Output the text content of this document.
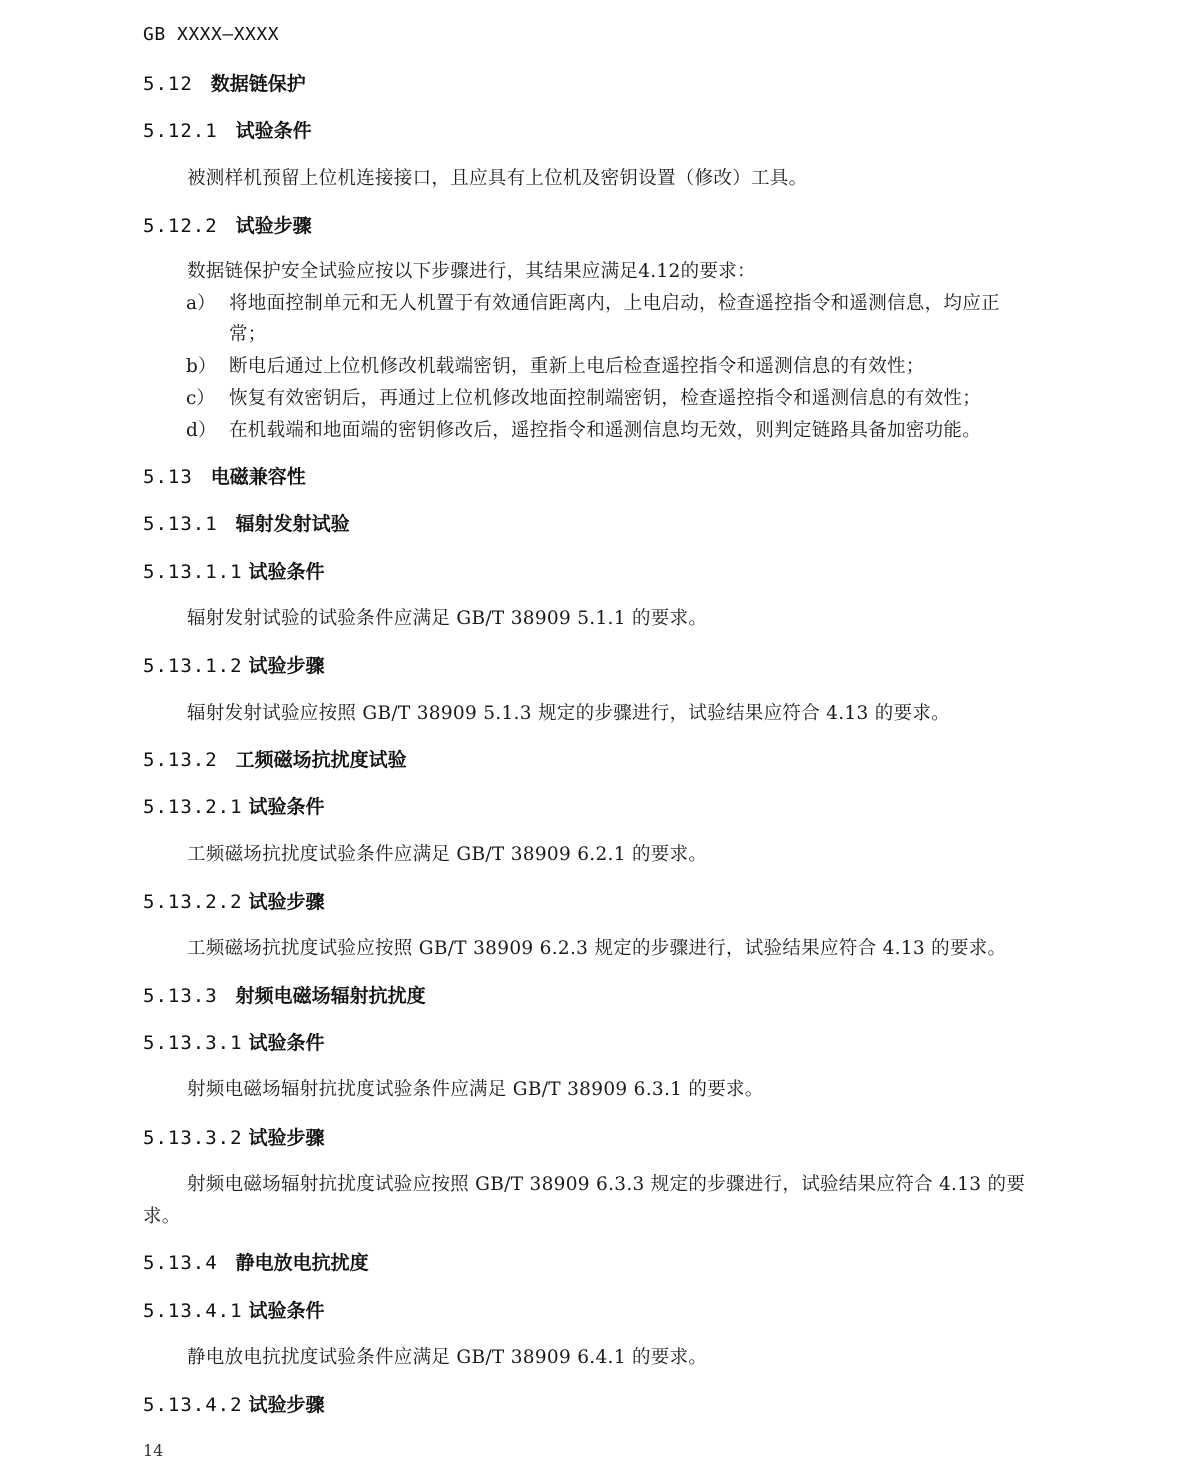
GB XXXX—XXXX
5.12 数据链保护
5.12.1 试验条件
被测样机预留上位机连接接口，且应具有上位机及密钥设置（修改）工具。
5.12.2 试验步骤
数据链保护安全试验应按以下步骤进行，其结果应满足4.12的要求：
a） 将地面控制单元和无人机置于有效通信距离内，上电启动，检查遥控指令和遥测信息，均应正
常；
b） 断电后通过上位机修改机载端密钥，重新上电后检查遥控指令和遥测信息的有效性；
c） 恢复有效密钥后，再通过上位机修改地面控制端密钥，检查遥控指令和遥测信息的有效性；
d） 在机载端和地面端的密钥修改后，遥控指令和遥测信息均无效，则判定链路具备加密功能。
5.13 电磁兼容性
5.13.1 辐射发射试验
5.13.1.1 试验条件
辐射发射试验的试验条件应满足 GB/T 38909 5.1.1 的要求。
5.13.1.2 试验步骤
辐射发射试验应按照 GB/T 38909 5.1.3 规定的步骤进行，试验结果应符合 4.13 的要求。
5.13.2 工频磁场抗扰度试验
5.13.2.1 试验条件
工频磁场抗扰度试验条件应满足 GB/T 38909 6.2.1 的要求。
5.13.2.2 试验步骤
工频磁场抗扰度试验应按照 GB/T 38909 6.2.3 规定的步骤进行，试验结果应符合 4.13 的要求。
5.13.3 射频电磁场辐射抗扰度
5.13.3.1 试验条件
射频电磁场辐射抗扰度试验条件应满足 GB/T 38909 6.3.1 的要求。
5.13.3.2 试验步骤
射频电磁场辐射抗扰度试验应按照 GB/T 38909 6.3.3 规定的步骤进行，试验结果应符合 4.13 的要
求。
5.13.4 静电放电抗扰度
5.13.4.1 试验条件
静电放电抗扰度试验条件应满足 GB/T 38909 6.4.1 的要求。
5.13.4.2 试验步骤
14
